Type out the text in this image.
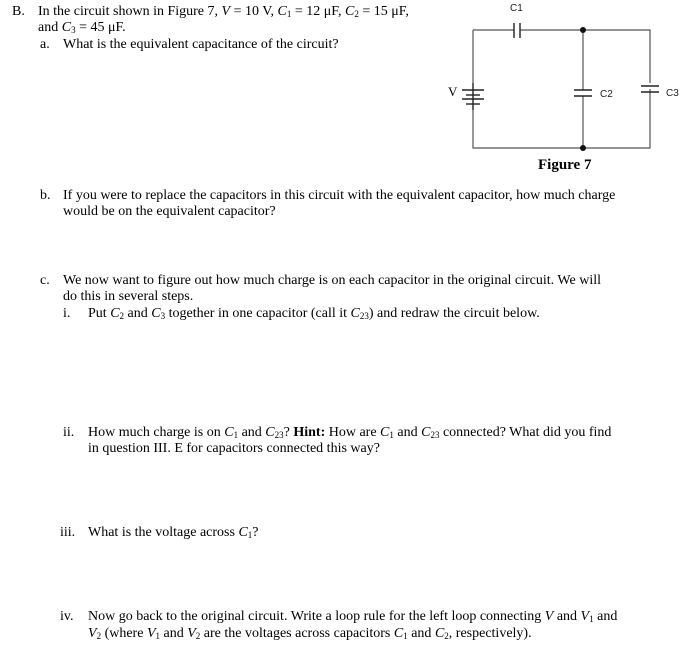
C1
C2	C3
V
Figure 7
B. In the circuit shown in Figure 7, V = 10 V, $C_1 = 12$ μF, $C_2 = 15$ μF,
and $C_3 = 45$ μF.
a. What is the equivalent capacitance of the circuit?
b. If you were to replace the capacitors in this circuit with the equivalent capacitor, how much charge
would be on the equivalent capacitor?
c. We now want to figure out how much charge is on each capacitor in the original circuit. We will
do this in several steps.
i. Put $C_2$ and $C_3$ together in one capacitor (call it $C_{23}$) and redraw the circuit below.
ii. How much charge is on $C_1$ and $C_{23}$? Hint: How are $C_1$ and $C_{23}$ connected? What did you find
in question III. E for capacitors connected this way?
iii. What is the voltage across $C_1$?
iv. Now go back to the original circuit. Write a loop rule for the left loop connecting V and $V_1$ and
$V_2$ (where $V_1$ and $V_2$ are the voltages across capacitors $C_1$ and $C_2$, respectively).
